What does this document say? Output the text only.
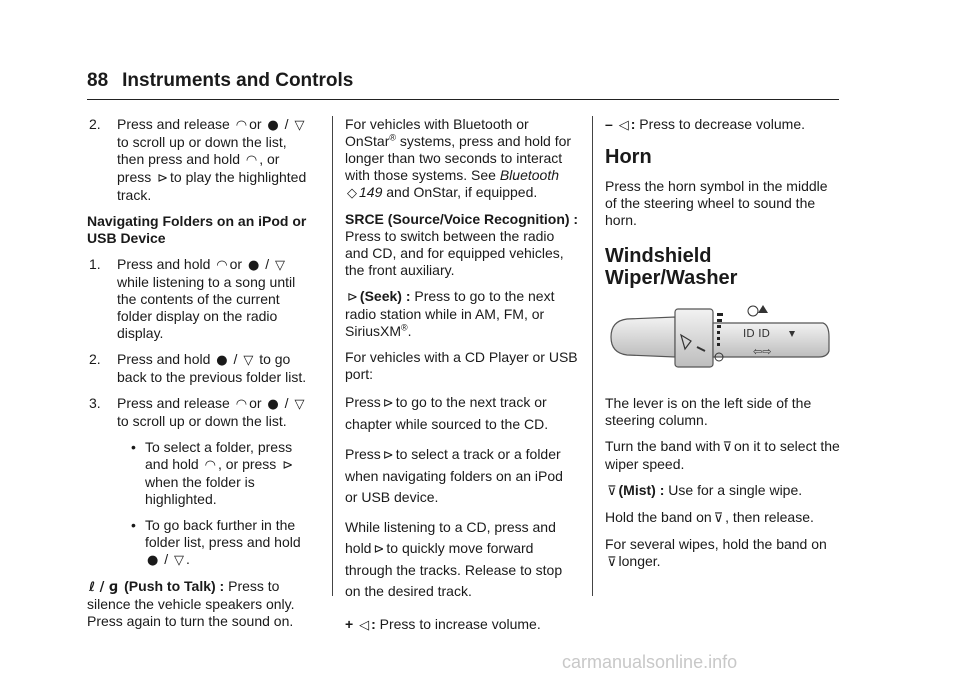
88 Instruments and Controls
2. Press and release ◠ or ● / ▽ to scroll up or down the list, then press and hold ◠ , or press ⊳ to play the highlighted track.

Navigating Folders on an iPod or USB Device

1. Press and hold ◠ or ● / ▽ while listening to a song until the contents of the current folder display on the radio display.
2. Press and hold ● / ▽ to go back to the previous folder list.
3. Press and release ◠ or ● / ▽ to scroll up or down the list.
• To select a folder, press and hold ◠ , or press ⊳ when the folder is highlighted.
• To go back further in the folder list, press and hold ● / ▽ .

ℓ / ɡ (Push to Talk) : Press to silence the vehicle speakers only. Press again to turn the sound on.

For vehicles with Bluetooth or OnStar® systems, press and hold for longer than two seconds to interact with those systems. See Bluetooth ◇ 149 and OnStar, if equipped.

SRCE (Source/Voice Recognition) : Press to switch between the radio and CD, and for equipped vehicles, the front auxiliary.

⊳ (Seek) : Press to go to the next radio station while in AM, FM, or SiriusXM®.

For vehicles with a CD Player or USB port:

Press ⊳ to go to the next track or chapter while sourced to the CD.

Press ⊳ to select a track or a folder when navigating folders on an iPod or USB device.

While listening to a CD, press and hold ⊳ to quickly move forward through the tracks. Release to stop on the desired track.

+ ◁ : Press to increase volume.

– ◁ : Press to decrease volume.

Horn

Press the horn symbol in the middle of the steering wheel to sound the horn.

Windshield Wiper/Washer
ID ID
⇦⇨

The lever is on the left side of the steering column.

Turn the band with ⊽ on it to select the wiper speed.

⊽ (Mist) : Use for a single wipe.

Hold the band on ⊽ , then release.

For several wipes, hold the band on ⊽ longer.

carmanualsonline.info
